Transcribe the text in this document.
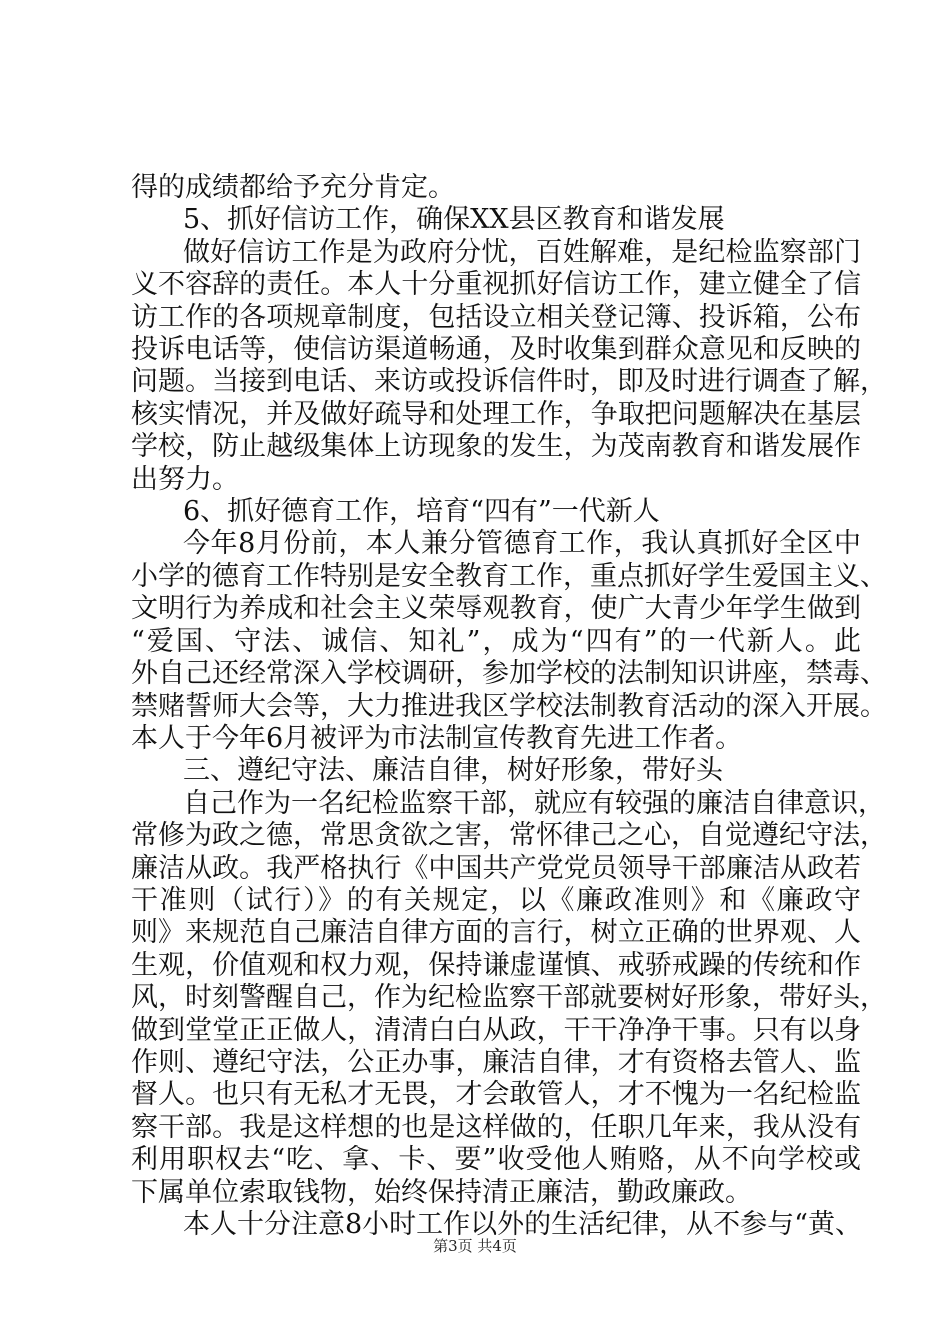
得的成绩都给予充分肯定。
5、抓好信访工作，确保XX县区教育和谐发展
做好信访工作是为政府分忧，百姓解难，是纪检监察部门
义不容辞的责任。本人十分重视抓好信访工作，建立健全了信
访工作的各项规章制度，包括设立相关登记簿、投诉箱，公布
投诉电话等，使信访渠道畅通，及时收集到群众意见和反映的
问题。当接到电话、来访或投诉信件时，即及时进行调查了解，
核实情况，并及做好疏导和处理工作，争取把问题解决在基层
学校，防止越级集体上访现象的发生，为茂南教育和谐发展作
出努力。
6、抓好德育工作，培育“四有”一代新人
今年8月份前，本人兼分管德育工作，我认真抓好全区中
小学的德育工作特别是安全教育工作，重点抓好学生爱国主义、
文明行为养成和社会主义荣辱观教育，使广大青少年学生做到
“爱国、守法、诚信、知礼”，成为“四有”的一代新人。此
外自己还经常深入学校调研，参加学校的法制知识讲座，禁毒、
禁赌誓师大会等，大力推进我区学校法制教育活动的深入开展。
本人于今年6月被评为市法制宣传教育先进工作者。
三、遵纪守法、廉洁自律，树好形象，带好头
自己作为一名纪检监察干部，就应有较强的廉洁自律意识，
常修为政之德，常思贪欲之害，常怀律己之心，自觉遵纪守法，
廉洁从政。我严格执行《中国共产党党员领导干部廉洁从政若
干准则（试行）》的有关规定，以《廉政准则》和《廉政守
则》来规范自己廉洁自律方面的言行，树立正确的世界观、人
生观，价值观和权力观，保持谦虚谨慎、戒骄戒躁的传统和作
风，时刻警醒自己，作为纪检监察干部就要树好形象，带好头，
做到堂堂正正做人，清清白白从政，干干净净干事。只有以身
作则、遵纪守法，公正办事，廉洁自律，才有资格去管人、监
督人。也只有无私才无畏，才会敢管人，才不愧为一名纪检监
察干部。我是这样想的也是这样做的，任职几年来，我从没有
利用职权去“吃、拿、卡、要”收受他人贿赂，从不向学校或
下属单位索取钱物，始终保持清正廉洁，勤政廉政。
本人十分注意8小时工作以外的生活纪律，从不参与“黄、
第3页 共4页
